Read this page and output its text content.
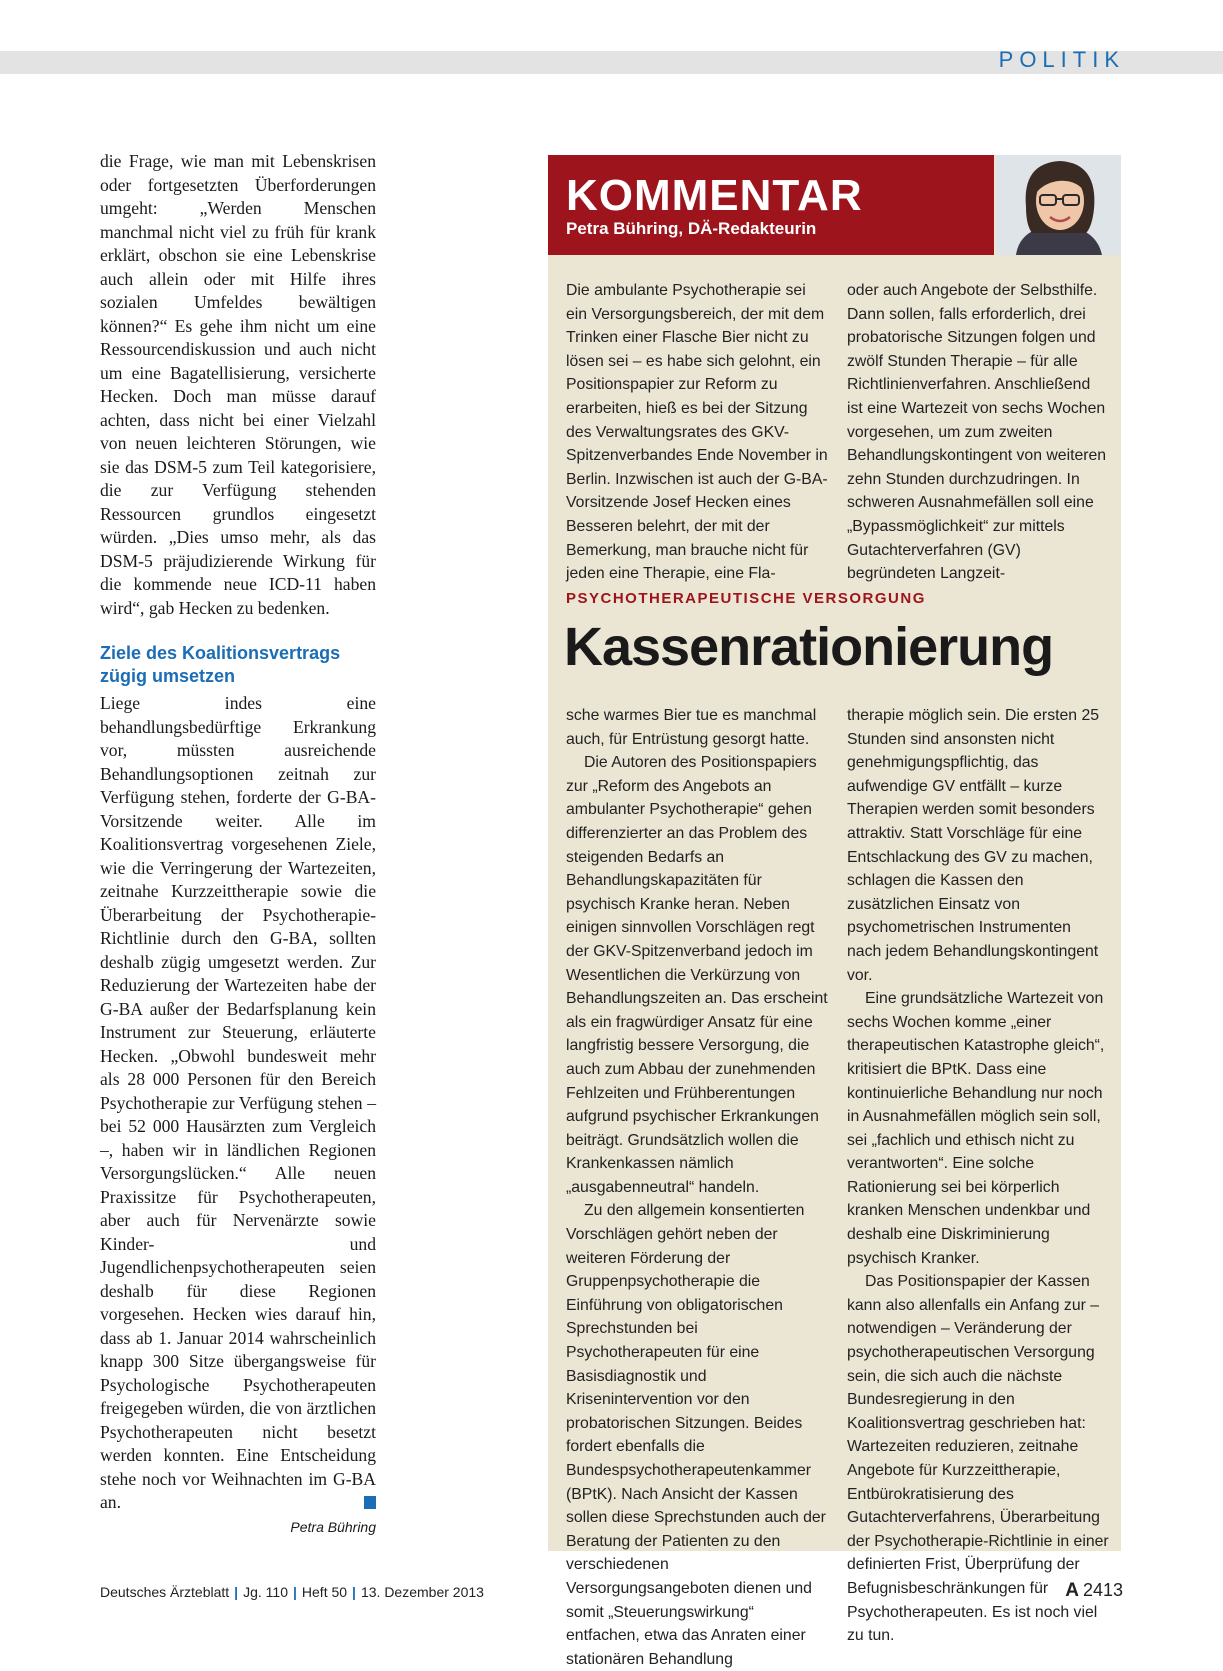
POLITIK

die Frage, wie man mit Lebenskrisen oder fortgesetzten Überforderungen umgeht: „Werden Menschen manchmal nicht viel zu früh für krank erklärt, obschon sie eine Lebenskrise auch allein oder mit Hilfe ihres sozialen Umfeldes bewältigen können?“ Es gehe ihm nicht um eine Ressourcendiskussion und auch nicht um eine Bagatellisierung, versicherte Hecken. Doch man müsse darauf achten, dass nicht bei einer Vielzahl von neuen leichteren Störungen, wie sie das DSM-5 zum Teil kategorisiere, die zur Verfügung stehenden Ressourcen grundlos eingesetzt würden. „Dies umso mehr, als das DSM-5 präjudizierende Wirkung für die kommende neue ICD-11 haben wird“, gab Hecken zu bedenken.

Ziele des Koalitionsvertrags zügig umsetzen

Liege indes eine behandlungsbedürftige Erkrankung vor, müssten ausreichende Behandlungsoptionen zeitnah zur Verfügung stehen, forderte der G-BA-Vorsitzende weiter. Alle im Koalitionsvertrag vorgesehenen Ziele, wie die Verringerung der Wartezeiten, zeitnahe Kurzzeittherapie sowie die Überarbeitung der Psychotherapie-Richtlinie durch den G-BA, sollten deshalb zügig umgesetzt werden. Zur Reduzierung der Wartezeiten habe der G-BA außer der Bedarfsplanung kein Instrument zur Steuerung, erläuterte Hecken. „Obwohl bundesweit mehr als 28 000 Personen für den Bereich Psychotherapie zur Verfügung stehen – bei 52 000 Hausärzten zum Vergleich –, haben wir in ländlichen Regionen Versorgungslücken.“ Alle neuen Praxissitze für Psychotherapeuten, aber auch für Nervenärzte sowie Kinder- und Jugendlichenpsychotherapeuten seien deshalb für diese Regionen vorgesehen. Hecken wies darauf hin, dass ab 1. Januar 2014 wahrscheinlich knapp 300 Sitze übergangsweise für Psychologische Psychotherapeuten freigegeben würden, die von ärztlichen Psychotherapeuten nicht besetzt werden konnten. Eine Entscheidung stehe noch vor Weihnachten im G-BA an.

Petra Bühring
KOMMENTAR
Petra Bühring, DÄ-Redakteurin

Die ambulante Psychotherapie sei ein Versorgungsbereich, der mit dem Trinken einer Flasche Bier nicht zu lösen sei – es habe sich gelohnt, ein Positionspapier zur Reform zu erarbeiten, hieß es bei der Sitzung des Verwaltungsrates des GKV-Spitzenverbandes Ende November in Berlin. Inzwischen ist auch der G-BA-Vorsitzende Josef Hecken eines Besseren belehrt, der mit der Bemerkung, man brauche nicht für jeden eine Therapie, eine Fla-

oder auch Angebote der Selbsthilfe. Dann sollen, falls erforderlich, drei probatorische Sitzungen folgen und zwölf Stunden Therapie – für alle Richtlinienverfahren. Anschließend ist eine Wartezeit von sechs Wochen vorgesehen, um zum zweiten Behandlungskontingent von weiteren zehn Stunden durchzudringen. In schweren Ausnahmefällen soll eine „Bypassmöglichkeit“ zur mittels Gutachterverfahren (GV) begründeten Langzeit-

PSYCHOTHERAPEUTISCHE VERSORGUNG
Kassenrationierung

sche warmes Bier tue es manchmal auch, für Entrüstung gesorgt hatte.

Die Autoren des Positionspapiers zur „Reform des Angebots an ambulanter Psychotherapie“ gehen differenzierter an das Problem des steigenden Bedarfs an Behandlungskapazitäten für psychisch Kranke heran. Neben einigen sinnvollen Vorschlägen regt der GKV-Spitzenverband jedoch im Wesentlichen die Verkürzung von Behandlungszeiten an. Das erscheint als ein fragwürdiger Ansatz für eine langfristig bessere Versorgung, die auch zum Abbau der zunehmenden Fehlzeiten und Frühberentungen aufgrund psychischer Erkrankungen beiträgt. Grundsätzlich wollen die Krankenkassen nämlich „ausgabenneutral“ handeln.

Zu den allgemein konsentierten Vorschlägen gehört neben der weiteren Förderung der Gruppenpsychotherapie die Einführung von obligatorischen Sprechstunden bei Psychotherapeuten für eine Basisdiagnostik und Krisenintervention vor den probatorischen Sitzungen. Beides fordert ebenfalls die Bundespsychotherapeutenkammer (BPtK). Nach Ansicht der Kassen sollen diese Sprechstunden auch der Beratung der Patienten zu den verschiedenen Versorgungsangeboten dienen und somit „Steuerungswirkung“ entfachen, etwa das Anraten einer stationären Behandlung

therapie möglich sein. Die ersten 25 Stunden sind ansonsten nicht genehmigungspflichtig, das aufwendige GV entfällt – kurze Therapien werden somit besonders attraktiv. Statt Vorschläge für eine Entschlackung des GV zu machen, schlagen die Kassen den zusätzlichen Einsatz von psychometrischen Instrumenten nach jedem Behandlungskontingent vor.

Eine grundsätzliche Wartezeit von sechs Wochen komme „einer therapeutischen Katastrophe gleich“, kritisiert die BPtK. Dass eine kontinuierliche Behandlung nur noch in Ausnahmefällen möglich sein soll, sei „fachlich und ethisch nicht zu verantworten“. Eine solche Rationierung sei bei körperlich kranken Menschen undenkbar und deshalb eine Diskriminierung psychisch Kranker.

Das Positionspapier der Kassen kann also allenfalls ein Anfang zur – notwendigen – Veränderung der psychotherapeutischen Versorgung sein, die sich auch die nächste Bundesregierung in den Koalitionsvertrag geschrieben hat: Wartezeiten reduzieren, zeitnahe Angebote für Kurzzeittherapie, Entbürokratisierung des Gutachterverfahrens, Überarbeitung der Psychotherapie-Richtlinie in einer definierten Frist, Überprüfung der Befugnisbeschränkungen für Psychotherapeuten. Es ist noch viel zu tun.

Deutsches Ärzteblatt | Jg. 110 | Heft 50 | 13. Dezember 2013	A 2413
